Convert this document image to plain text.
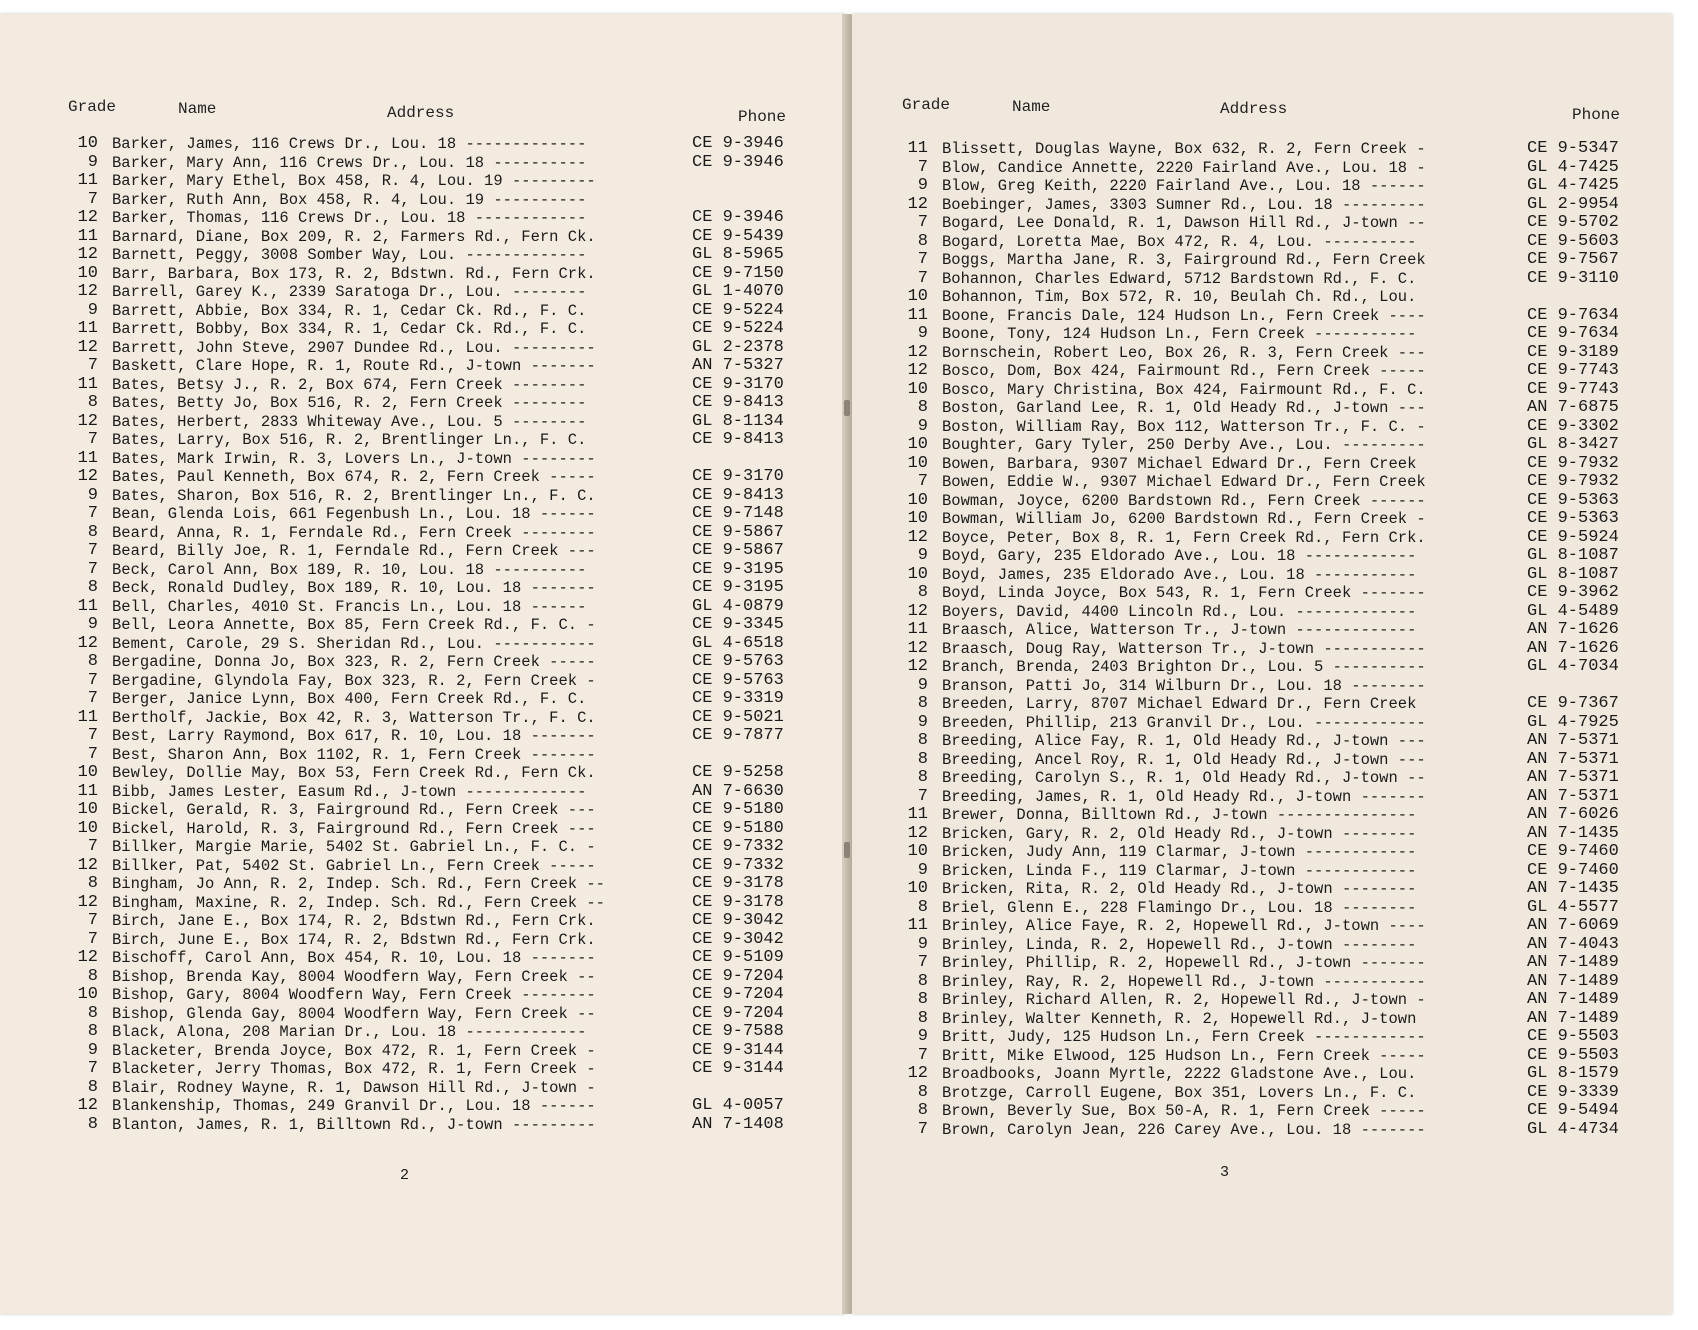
Grade	Name	Address	Phone
2
Grade	Name	Address	Phone
3
10 Barker, James, 116 Crews Dr., Lou. 18 -------------	CE 9-3946
9 Barker, Mary Ann, 116 Crews Dr., Lou. 18 ----------	CE 9-3946
11 Barker, Mary Ethel, Box 458, R. 4, Lou. 19 ---------
7 Barker, Ruth Ann, Box 458, R. 4, Lou. 19 ----------
12 Barker, Thomas, 116 Crews Dr., Lou. 18 ------------	CE 9-3946
11 Barnard, Diane, Box 209, R. 2, Farmers Rd., Fern Ck.	CE 9-5439
12 Barnett, Peggy, 3008 Somber Way, Lou. -------------	GL 8-5965
10 Barr, Barbara, Box 173, R. 2, Bdstwn. Rd., Fern Crk.	CE 9-7150
12 Barrell, Garey K., 2339 Saratoga Dr., Lou. --------	GL 1-4070
9 Barrett, Abbie, Box 334, R. 1, Cedar Ck. Rd., F. C.	CE 9-5224
11 Barrett, Bobby, Box 334, R. 1, Cedar Ck. Rd., F. C.	CE 9-5224
12 Barrett, John Steve, 2907 Dundee Rd., Lou. ---------	GL 2-2378
7 Baskett, Clare Hope, R. 1, Route Rd., J-town -------	AN 7-5327
11 Bates, Betsy J., R. 2, Box 674, Fern Creek --------	CE 9-3170
8 Bates, Betty Jo, Box 516, R. 2, Fern Creek --------	CE 9-8413
12 Bates, Herbert, 2833 Whiteway Ave., Lou. 5 --------	GL 8-1134
7 Bates, Larry, Box 516, R. 2, Brentlinger Ln., F. C.	CE 9-8413
11 Bates, Mark Irwin, R. 3, Lovers Ln., J-town --------
12 Bates, Paul Kenneth, Box 674, R. 2, Fern Creek -----	CE 9-3170
9 Bates, Sharon, Box 516, R. 2, Brentlinger Ln., F. C.	CE 9-8413
7 Bean, Glenda Lois, 661 Fegenbush Ln., Lou. 18 ------	CE 9-7148
8 Beard, Anna, R. 1, Ferndale Rd., Fern Creek --------	CE 9-5867
7 Beard, Billy Joe, R. 1, Ferndale Rd., Fern Creek ---	CE 9-5867
7 Beck, Carol Ann, Box 189, R. 10, Lou. 18 ----------	CE 9-3195
8 Beck, Ronald Dudley, Box 189, R. 10, Lou. 18 -------	CE 9-3195
11 Bell, Charles, 4010 St. Francis Ln., Lou. 18 ------	GL 4-0879
9 Bell, Leora Annette, Box 85, Fern Creek Rd., F. C. -	CE 9-3345
12 Bement, Carole, 29 S. Sheridan Rd., Lou. -----------	GL 4-6518
8 Bergadine, Donna Jo, Box 323, R. 2, Fern Creek -----	CE 9-5763
7 Bergadine, Glyndola Fay, Box 323, R. 2, Fern Creek -	CE 9-5763
7 Berger, Janice Lynn, Box 400, Fern Creek Rd., F. C.	CE 9-3319
11 Bertholf, Jackie, Box 42, R. 3, Watterson Tr., F. C.	CE 9-5021
7 Best, Larry Raymond, Box 617, R. 10, Lou. 18 -------	CE 9-7877
7 Best, Sharon Ann, Box 1102, R. 1, Fern Creek -------
10 Bewley, Dollie May, Box 53, Fern Creek Rd., Fern Ck.	CE 9-5258
11 Bibb, James Lester, Easum Rd., J-town -------------	AN 7-6630
10 Bickel, Gerald, R. 3, Fairground Rd., Fern Creek ---	CE 9-5180
10 Bickel, Harold, R. 3, Fairground Rd., Fern Creek ---	CE 9-5180
7 Billker, Margie Marie, 5402 St. Gabriel Ln., F. C. -	CE 9-7332
12 Billker, Pat, 5402 St. Gabriel Ln., Fern Creek -----	CE 9-7332
8 Bingham, Jo Ann, R. 2, Indep. Sch. Rd., Fern Creek --	CE 9-3178
12 Bingham, Maxine, R. 2, Indep. Sch. Rd., Fern Creek --	CE 9-3178
7 Birch, Jane E., Box 174, R. 2, Bdstwn Rd., Fern Crk.	CE 9-3042
7 Birch, June E., Box 174, R. 2, Bdstwn Rd., Fern Crk.	CE 9-3042
12 Bischoff, Carol Ann, Box 454, R. 10, Lou. 18 -------	CE 9-5109
8 Bishop, Brenda Kay, 8004 Woodfern Way, Fern Creek --	CE 9-7204
10 Bishop, Gary, 8004 Woodfern Way, Fern Creek --------	CE 9-7204
8 Bishop, Glenda Gay, 8004 Woodfern Way, Fern Creek --	CE 9-7204
8 Black, Alona, 208 Marian Dr., Lou. 18 -------------	CE 9-7588
9 Blacketer, Brenda Joyce, Box 472, R. 1, Fern Creek -	CE 9-3144
7 Blacketer, Jerry Thomas, Box 472, R. 1, Fern Creek -	CE 9-3144
8 Blair, Rodney Wayne, R. 1, Dawson Hill Rd., J-town -
12 Blankenship, Thomas, 249 Granvil Dr., Lou. 18 ------	GL 4-0057
8 Blanton, James, R. 1, Billtown Rd., J-town ---------	AN 7-1408
11 Blissett, Douglas Wayne, Box 632, R. 2, Fern Creek -	CE 9-5347
7 Blow, Candice Annette, 2220 Fairland Ave., Lou. 18 -	GL 4-7425
9 Blow, Greg Keith, 2220 Fairland Ave., Lou. 18 ------	GL 4-7425
12 Boebinger, James, 3303 Sumner Rd., Lou. 18 ---------	GL 2-9954
7 Bogard, Lee Donald, R. 1, Dawson Hill Rd., J-town --	CE 9-5702
8 Bogard, Loretta Mae, Box 472, R. 4, Lou. ----------	CE 9-5603
7 Boggs, Martha Jane, R. 3, Fairground Rd., Fern Creek	CE 9-7567
7 Bohannon, Charles Edward, 5712 Bardstown Rd., F. C.	CE 9-3110
10 Bohannon, Tim, Box 572, R. 10, Beulah Ch. Rd., Lou.
11 Boone, Francis Dale, 124 Hudson Ln., Fern Creek ----	CE 9-7634
9 Boone, Tony, 124 Hudson Ln., Fern Creek -----------	CE 9-7634
12 Bornschein, Robert Leo, Box 26, R. 3, Fern Creek ---	CE 9-3189
12 Bosco, Dom, Box 424, Fairmount Rd., Fern Creek -----	CE 9-7743
10 Bosco, Mary Christina, Box 424, Fairmount Rd., F. C.	CE 9-7743
8 Boston, Garland Lee, R. 1, Old Heady Rd., J-town ---	AN 7-6875
9 Boston, William Ray, Box 112, Watterson Tr., F. C. -	CE 9-3302
10 Boughter, Gary Tyler, 250 Derby Ave., Lou. ---------	GL 8-3427
10 Bowen, Barbara, 9307 Michael Edward Dr., Fern Creek	CE 9-7932
7 Bowen, Eddie W., 9307 Michael Edward Dr., Fern Creek	CE 9-7932
10 Bowman, Joyce, 6200 Bardstown Rd., Fern Creek ------	CE 9-5363
10 Bowman, William Jo, 6200 Bardstown Rd., Fern Creek -	CE 9-5363
12 Boyce, Peter, Box 8, R. 1, Fern Creek Rd., Fern Crk.	CE 9-5924
9 Boyd, Gary, 235 Eldorado Ave., Lou. 18 ------------	GL 8-1087
10 Boyd, James, 235 Eldorado Ave., Lou. 18 -----------	GL 8-1087
8 Boyd, Linda Joyce, Box 543, R. 1, Fern Creek -------	CE 9-3962
12 Boyers, David, 4400 Lincoln Rd., Lou. -------------	GL 4-5489
11 Braasch, Alice, Watterson Tr., J-town -------------	AN 7-1626
12 Braasch, Doug Ray, Watterson Tr., J-town -----------	AN 7-1626
12 Branch, Brenda, 2403 Brighton Dr., Lou. 5 ----------	GL 4-7034
9 Branson, Patti Jo, 314 Wilburn Dr., Lou. 18 --------
8 Breeden, Larry, 8707 Michael Edward Dr., Fern Creek	CE 9-7367
9 Breeden, Phillip, 213 Granvil Dr., Lou. ------------	GL 4-7925
8 Breeding, Alice Fay, R. 1, Old Heady Rd., J-town ---	AN 7-5371
8 Breeding, Ancel Roy, R. 1, Old Heady Rd., J-town ---	AN 7-5371
8 Breeding, Carolyn S., R. 1, Old Heady Rd., J-town --	AN 7-5371
7 Breeding, James, R. 1, Old Heady Rd., J-town -------	AN 7-5371
11 Brewer, Donna, Billtown Rd., J-town ---------------	AN 7-6026
12 Bricken, Gary, R. 2, Old Heady Rd., J-town --------	AN 7-1435
10 Bricken, Judy Ann, 119 Clarmar, J-town ------------	CE 9-7460
9 Bricken, Linda F., 119 Clarmar, J-town ------------	CE 9-7460
10 Bricken, Rita, R. 2, Old Heady Rd., J-town --------	AN 7-1435
8 Briel, Glenn E., 228 Flamingo Dr., Lou. 18 --------	GL 4-5577
11 Brinley, Alice Faye, R. 2, Hopewell Rd., J-town ----	AN 7-6069
9 Brinley, Linda, R. 2, Hopewell Rd., J-town --------	AN 7-4043
7 Brinley, Phillip, R. 2, Hopewell Rd., J-town -------	AN 7-1489
8 Brinley, Ray, R. 2, Hopewell Rd., J-town -----------	AN 7-1489
8 Brinley, Richard Allen, R. 2, Hopewell Rd., J-town -	AN 7-1489
8 Brinley, Walter Kenneth, R. 2, Hopewell Rd., J-town	AN 7-1489
9 Britt, Judy, 125 Hudson Ln., Fern Creek ------------	CE 9-5503
7 Britt, Mike Elwood, 125 Hudson Ln., Fern Creek -----	CE 9-5503
12 Broadbooks, Joann Myrtle, 2222 Gladstone Ave., Lou.	GL 8-1579
8 Brotzge, Carroll Eugene, Box 351, Lovers Ln., F. C.	CE 9-3339
8 Brown, Beverly Sue, Box 50-A, R. 1, Fern Creek -----	CE 9-5494
7 Brown, Carolyn Jean, 226 Carey Ave., Lou. 18 -------	GL 4-4734
